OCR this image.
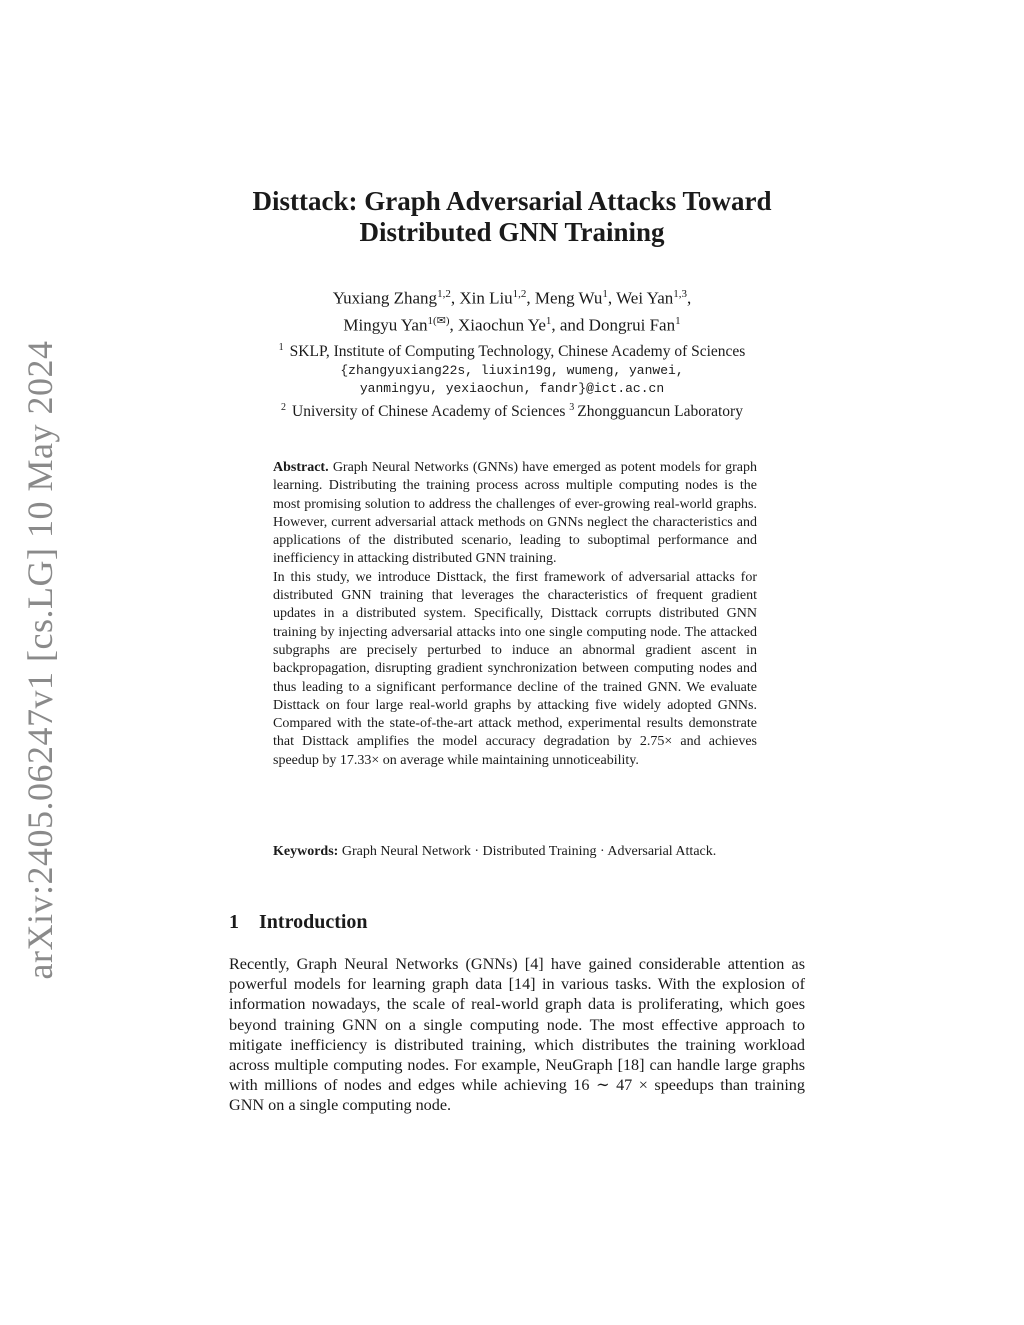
arXiv:2405.06247v1 [cs.LG] 10 May 2024
Disttack: Graph Adversarial Attacks Toward
Distributed GNN Training
Yuxiang Zhang$^{1,2}$, Xin Liu$^{1,2}$, Meng Wu$^1$, Wei Yan$^{1,3}$,
Mingyu Yan$^{1(✉)}$, Xiaochun Ye$^1$, and Dongrui Fan$^1$
$^1$ SKLP, Institute of Computing Technology, Chinese Academy of Sciences
{zhangyuxiang22s, liuxin19g, wumeng, yanwei,
yanmingyu, yexiaochun, fandr}@ict.ac.cn
$^2$ University of Chinese Academy of Sciences $^3$ Zhongguancun Laboratory

Abstract. Graph Neural Networks (GNNs) have emerged as potent models for graph learning. Distributing the training process across multiple computing nodes is the most promising solution to address the challenges of ever-growing real-world graphs. However, current adversarial attack methods on GNNs neglect the characteristics and applications of the distributed scenario, leading to suboptimal performance and inefficiency in attacking distributed GNN training.

In this study, we introduce Disttack, the first framework of adversarial attacks for distributed GNN training that leverages the characteristics of frequent gradient updates in a distributed system. Specifically, Disttack corrupts distributed GNN training by injecting adversarial attacks into one single computing node. The attacked subgraphs are precisely perturbed to induce an abnormal gradient ascent in backpropagation, disrupting gradient synchronization between computing nodes and thus leading to a significant performance decline of the trained GNN. We evaluate Disttack on four large real-world graphs by attacking five widely adopted GNNs. Compared with the state-of-the-art attack method, experimental results demonstrate that Disttack amplifies the model accuracy degradation by 2.75× and achieves speedup by 17.33× on average while maintaining unnoticeability.

Keywords: Graph Neural Network · Distributed Training · Adversarial Attack.
1 Introduction

Recently, Graph Neural Networks (GNNs) [4] have gained considerable attention as powerful models for learning graph data [14] in various tasks. With the explosion of information nowadays, the scale of real-world graph data is proliferating, which goes beyond training GNN on a single computing node. The most effective approach to mitigate inefficiency is distributed training, which distributes the training workload across multiple computing nodes. For example, NeuGraph [18] can handle large graphs with millions of nodes and edges while achieving 16 ∼ 47 × speedups than training GNN on a single computing node.
